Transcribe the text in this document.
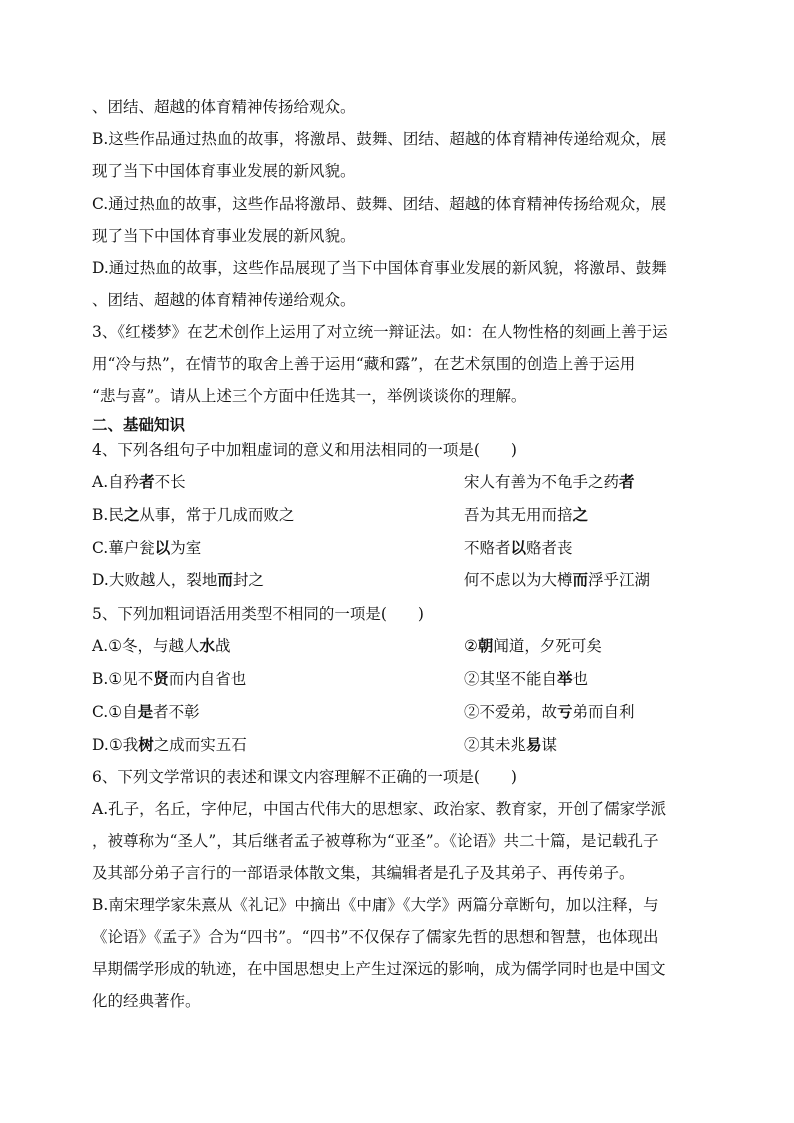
、团结、超越的体育精神传扬给观众。
B.这些作品通过热血的故事，将激昂、鼓舞、团结、超越的体育精神传递给观众，展
现了当下中国体育事业发展的新风貌。
C.通过热血的故事，这些作品将激昂、鼓舞、团结、超越的体育精神传扬给观众，展
现了当下中国体育事业发展的新风貌。
D.通过热血的故事，这些作品展现了当下中国体育事业发展的新风貌，将激昂、鼓舞
、团结、超越的体育精神传递给观众。
3、《红楼梦》在艺术创作上运用了对立统一辩证法。如：在人物性格的刻画上善于运
用“冷与热”，在情节的取舍上善于运用“藏和露”，在艺术氛围的创造上善于运用
“悲与喜”。请从上述三个方面中任选其一，举例谈谈你的理解。
二、基础知识
4、下列各组句子中加粗虚词的意义和用法相同的一项是(　　)
A.自矜者不长	宋人有善为不龟手之药者
B.民之从事，常于几成而败之	吾为其无用而掊之
C.蓽户瓮以为室	不赂者以赂者丧
D.大败越人，裂地而封之	何不虑以为大樽而浮乎江湖
5、下列加粗词语活用类型不相同的一项是(　　)
A.①冬，与越人水战	②朝闻道，夕死可矣
B.①见不贤而内自省也	②其坚不能自举也
C.①自是者不彰	②不爱弟，故亏弟而自利
D.①我树之成而实五石	②其未兆易谋
6、下列文学常识的表述和课文内容理解不正确的一项是(　　)
A.孔子，名丘，字仲尼，中国古代伟大的思想家、政治家、教育家，开创了儒家学派
，被尊称为“圣人”，其后继者孟子被尊称为“亚圣”。《论语》共二十篇，是记载孔子
及其部分弟子言行的一部语录体散文集，其编辑者是孔子及其弟子、再传弟子。
B.南宋理学家朱熹从《礼记》中摘出《中庸》《大学》两篇分章断句，加以注释，与
《论语》《孟子》合为“四书”。“四书”不仅保存了儒家先哲的思想和智慧，也体现出
早期儒学形成的轨迹，在中国思想史上产生过深远的影响，成为儒学同时也是中国文
化的经典著作。
